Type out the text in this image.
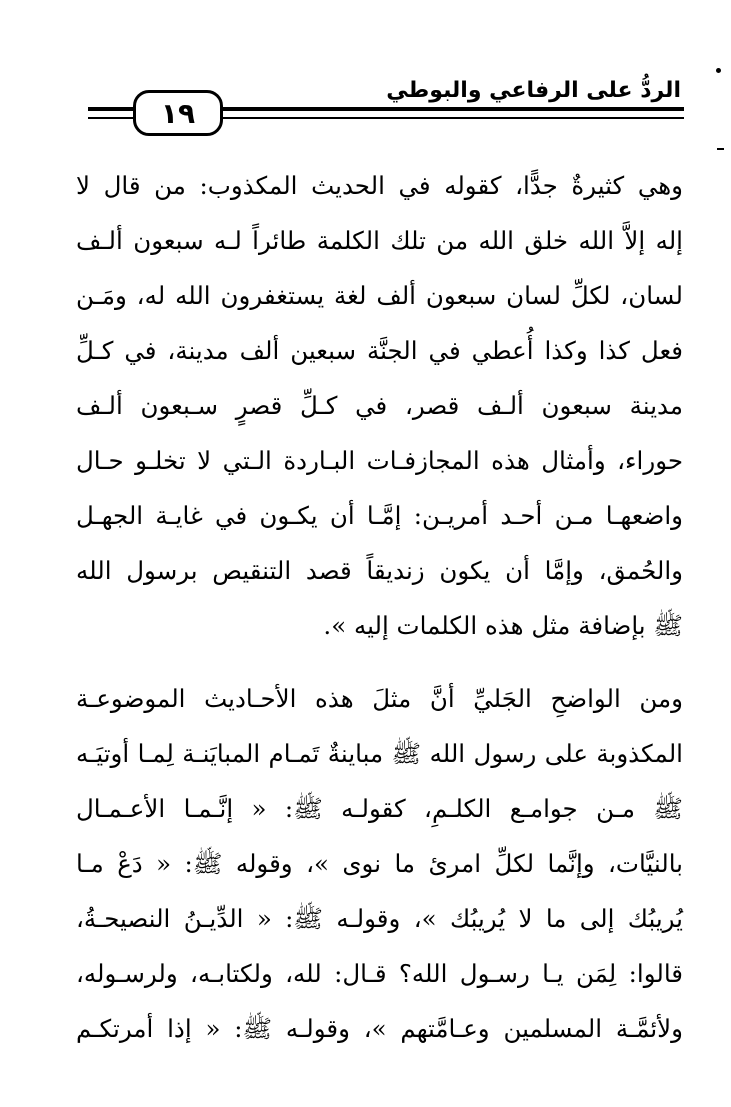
الردُّ على الرفاعي والبوطي
١٩
وهي كثيرةٌ جدًّا، كقوله في الحديث المكذوب: من قال لا
إله إلاَّ الله خلق الله من تلك الكلمة طائراً لـه سبعون ألـف
لسان، لكلِّ لسان سبعون ألف لغة يستغفرون الله له، ومَـن
فعل كذا وكذا أُعطي في الجنَّة سبعين ألف مدينة، في كـلِّ
مدينة سبعون ألـف قصر، في كـلِّ قصرٍ سـبعون ألـف
حوراء، وأمثال هذه المجازفـات البـاردة الـتي لا تخلـو حـال
واضعهـا مـن أحـد أمريـن: إمَّـا أن يكـون في غايـة الجهـل
والحُمق، وإمَّا أن يكون زنديقاً قصد التنقيص برسول الله
ﷺ بإضافة مثل هذه الكلمات إليه ».
ومن الواضحِ الجَليِّ أنَّ مثلَ هذه الأحـاديث الموضوعـة
المكذوبة على رسول الله ﷺ مباينةٌ تَمـام المبايَنـة لِمـا أوتيَـه
ﷺ مـن جوامـع الكلـمِ، كقولـه ﷺ: « إنَّـمـا الأعـمـال
بالنيَّات، وإنَّما لكلِّ امرئ ما نوى »، وقوله ﷺ: « دَعْ مـا
يُريبُك إلى ما لا يُريبُك »، وقولـه ﷺ: « الدِّيـنُ النصيحـةُ،
قالوا: لِمَن يـا رسـول الله؟ قـال: لله، ولكتابـه، ولرسـوله،
ولأئمَّـة المسلمين وعـامَّتهم »، وقولـه ﷺ: « إذا أمرتكـم
